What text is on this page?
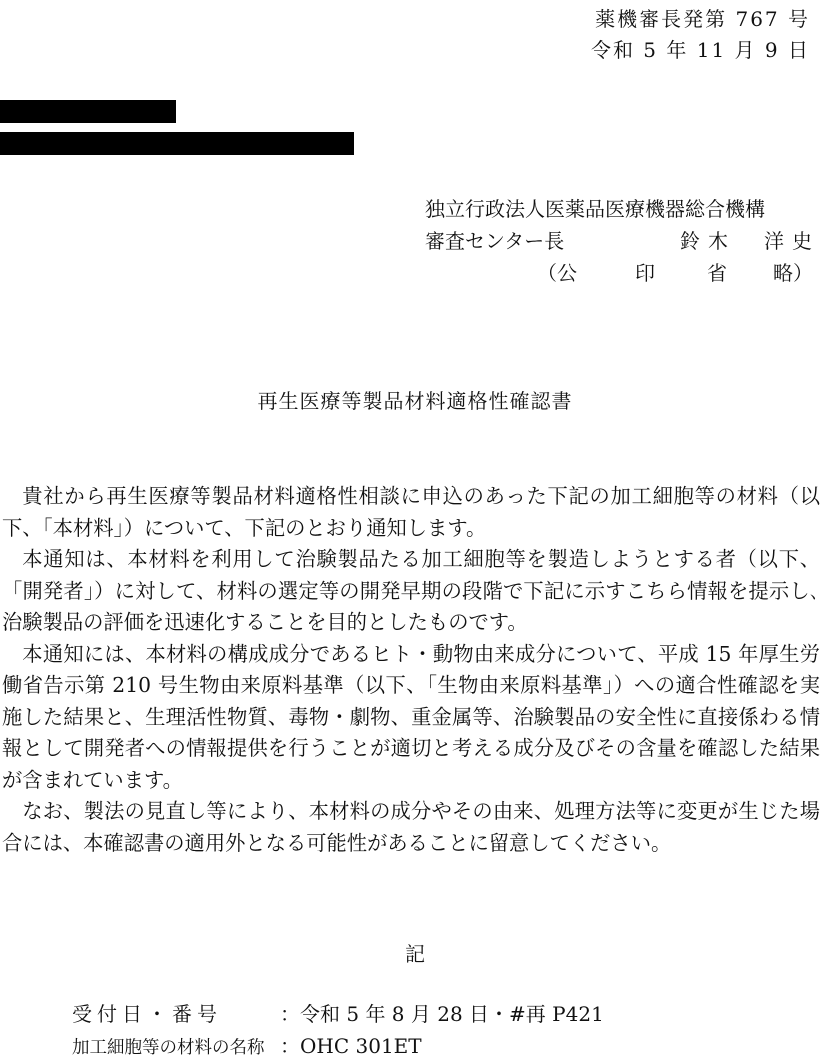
薬機審長発第 767 号
令和 5 年 11 月 9 日
独立行政法人医薬品医療機器総合機構
審査センター長	鈴木　洋史
（公	印	省 略）
再生医療等製品材料適格性確認書

貴社から再生医療等製品材料適格性相談に申込のあった下記の加工細胞等の材料（以下、「本材料」）について、下記のとおり通知します。

本通知は、本材料を利用して治験製品たる加工細胞等を製造しようとする者（以下、「開発者」）に対して、材料の選定等の開発早期の段階で下記に示すこちら情報を提示し､治験製品の評価を迅速化することを目的としたものです。

本通知には、本材料の構成成分であるヒト・動物由来成分について、平成 15 年厚生労働省告示第 210 号生物由来原料基準（以下、「生物由来原料基準」）への適合性確認を実施した結果と、生理活性物質、毒物・劇物、重金属等、治験製品の安全性に直接係わる情報として開発者への情報提供を行うことが適切と考える成分及びその含量を確認した結果が含まれています。

なお、製法の見直し等により、本材料の成分やその由来、処理方法等に変更が生じた場合には、本確認書の適用外となる可能性があることに留意してください。

記
受付日・番号	：令和 5 年 8 月 28 日・#再 P421
加工細胞等の材料の名称 ：OHC 301ET
